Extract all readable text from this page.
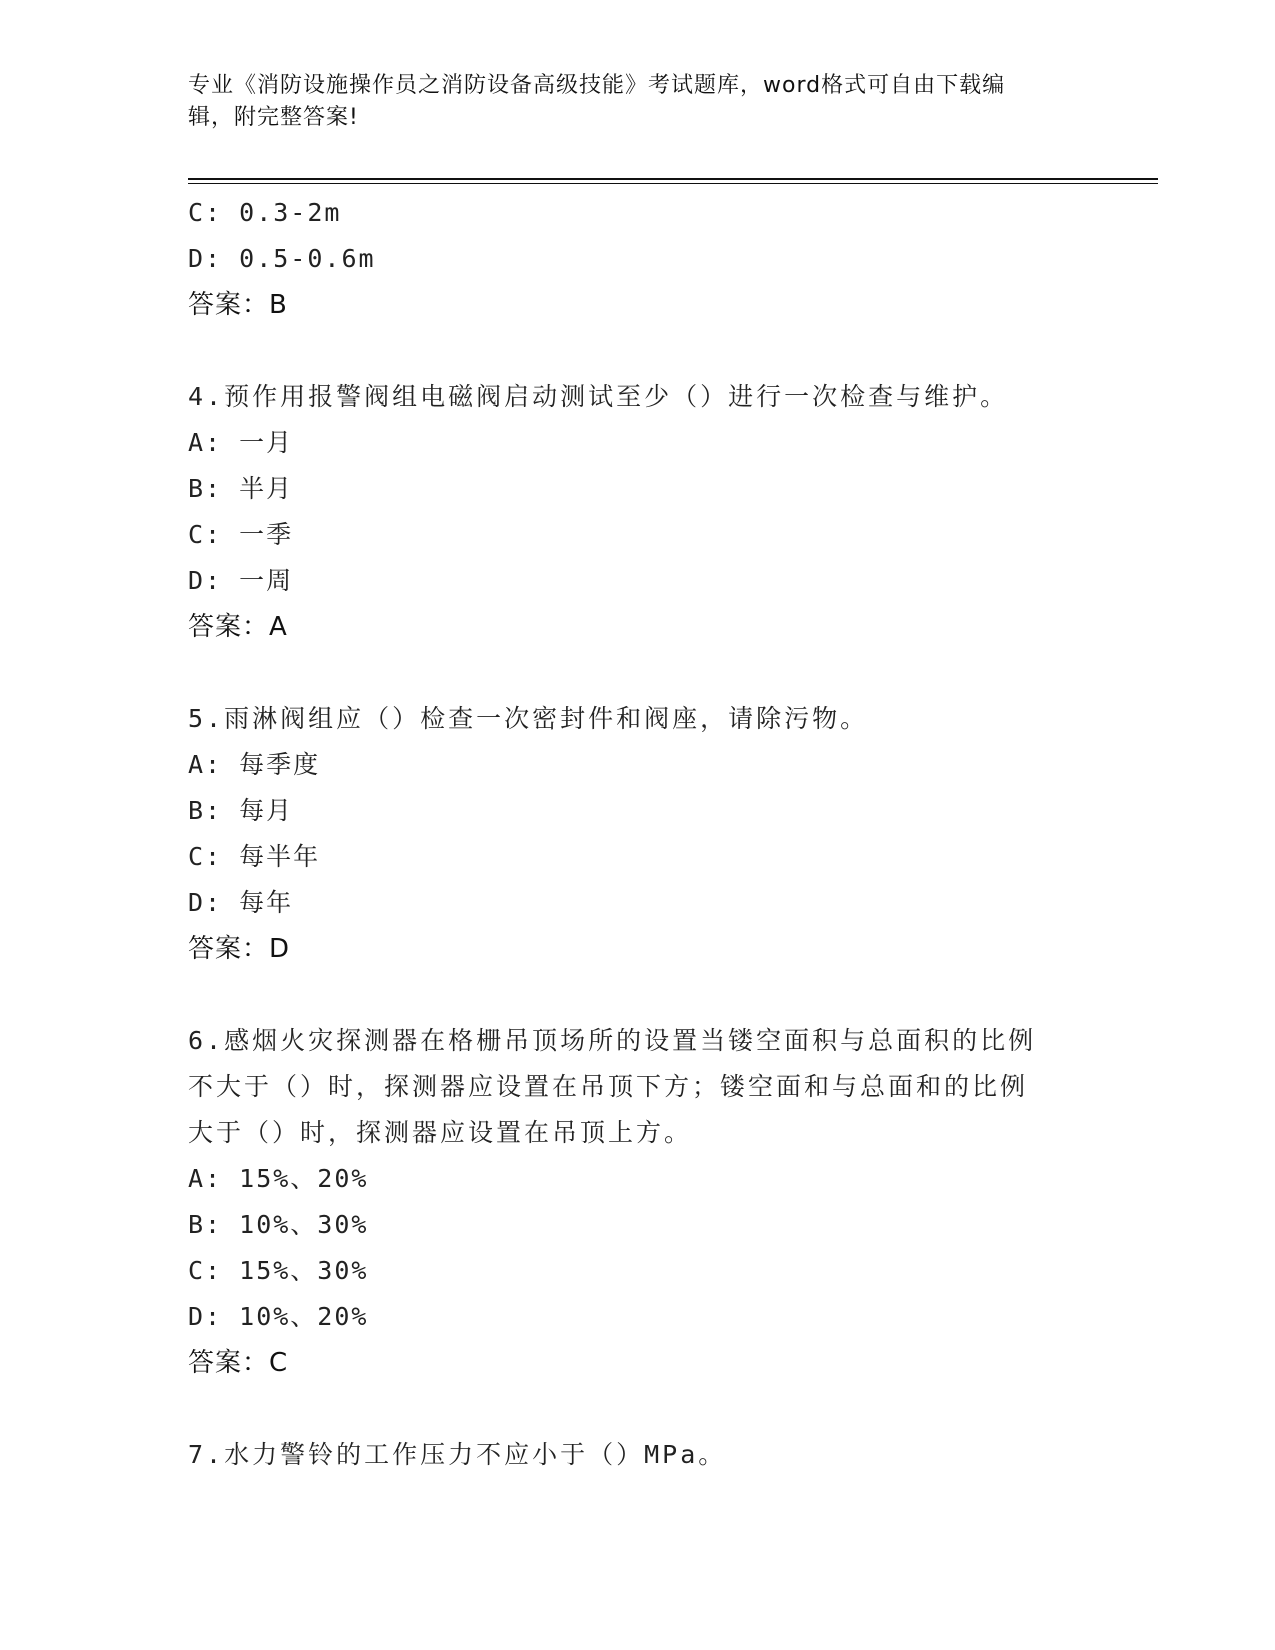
专业《消防设施操作员之消防设备高级技能》考试题库，word格式可自由下载编
辑，附完整答案!
C: 0.3-2m
D: 0.5-0.6m
答案：B
4.预作用报警阀组电磁阀启动测试至少（）进行一次检查与维护。
A: 一月
B: 半月
C: 一季
D: 一周
答案：A
5.雨淋阀组应（）检查一次密封件和阀座，请除污物。
A: 每季度
B: 每月
C: 每半年
D: 每年
答案：D
6.感烟火灾探测器在格栅吊顶场所的设置当镂空面积与总面积的比例
不大于（）时，探测器应设置在吊顶下方；镂空面和与总面和的比例
大于（）时，探测器应设置在吊顶上方。
A: 15%、20%
B: 10%、30%
C: 15%、30%
D: 10%、20%
答案：C
7.水力警铃的工作压力不应小于（）MPa。
